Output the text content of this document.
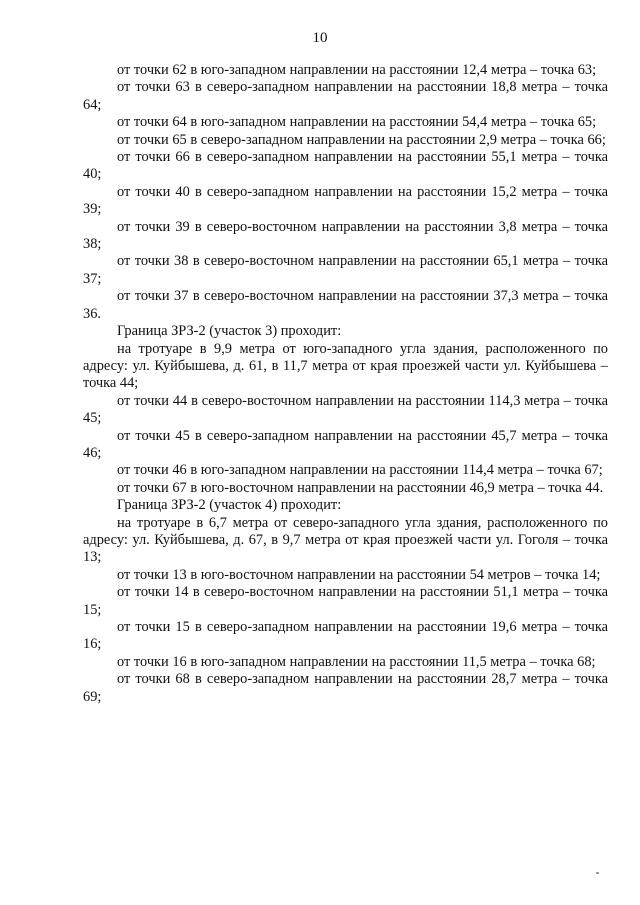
10

от точки 62 в юго-западном направлении на расстоянии 12,4 метра – точка 63;

от точки 63 в северо-западном направлении на расстоянии 18,8 метра – точка 64;

от точки 64 в юго-западном направлении на расстоянии 54,4 метра – точка 65;

от точки 65 в северо-западном направлении на расстоянии 2,9 метра – точка 66;

от точки 66 в северо-западном направлении на расстоянии 55,1 метра – точка 40;

от точки 40 в северо-западном направлении на расстоянии 15,2 метра – точка 39;

от точки 39 в северо-восточном направлении на расстоянии 3,8 метра – точка 38;

от точки 38 в северо-восточном направлении на расстоянии 65,1 метра – точка 37;

от точки 37 в северо-восточном направлении на расстоянии 37,3 метра – точка 36.

Граница ЗРЗ-2 (участок 3) проходит:

на тротуаре в 9,9 метра от юго-западного угла здания, расположенного по адресу: ул. Куйбышева, д. 61, в 11,7 метра от края проезжей части ул. Куйбышева – точка 44;

от точки 44 в северо-восточном направлении на расстоянии 114,3 метра – точка 45;

от точки 45 в северо-западном направлении на расстоянии 45,7 метра – точка 46;

от точки 46 в юго-западном направлении на расстоянии 114,4 метра – точка 67;

от точки 67 в юго-восточном направлении на расстоянии 46,9 метра – точка 44.

Граница ЗРЗ-2 (участок 4) проходит:

на тротуаре в 6,7 метра от северо-западного угла здания, расположенного по адресу: ул. Куйбышева, д. 67, в 9,7 метра от края проезжей части ул. Гоголя – точка 13;

от точки 13 в юго-восточном направлении на расстоянии 54 метров – точка 14;

от точки 14 в северо-восточном направлении на расстоянии 51,1 метра – точка 15;

от точки 15 в северо-западном направлении на расстоянии 19,6 метра – точка 16;

от точки 16 в юго-западном направлении на расстоянии 11,5 метра – точка 68;

от точки 68 в северо-западном направлении на расстоянии 28,7 метра – точка 69;
